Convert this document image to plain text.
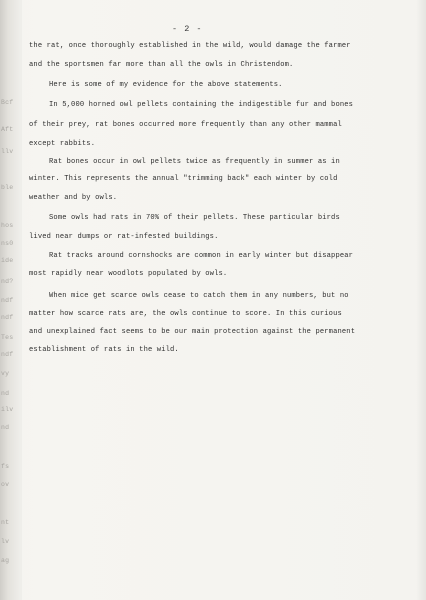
Bcf
Aft
llv
ble
hos
ns0
ide
nd?
ndf
ndf
Tes
ndf
vy
nd
ilv
nd
fs
ov
nt
lv
ag
- 2 -
the rat, once thoroughly established in the wild, would damage the farmer
and the sportsmen far more than all the owls in Christendom.
Here is some of my evidence for the above statements.
In 5,000 horned owl pellets containing the indigestible fur and bones
of their prey, rat bones occurred more frequently than any other mammal
except rabbits.
Rat bones occur in owl pellets twice as frequently in summer as in
winter. This represents the annual "trimming back" each winter by cold
weather and by owls.
Some owls had rats in 70% of their pellets. These particular birds
lived near dumps or rat-infested buildings.
Rat tracks around cornshocks are common in early winter but disappear
most rapidly near woodlots populated by owls.
When mice get scarce owls cease to catch them in any numbers, but no
matter how scarce rats are, the owls continue to score. In this curious
and unexplained fact seems to be our main protection against the permanent
establishment of rats in the wild.
